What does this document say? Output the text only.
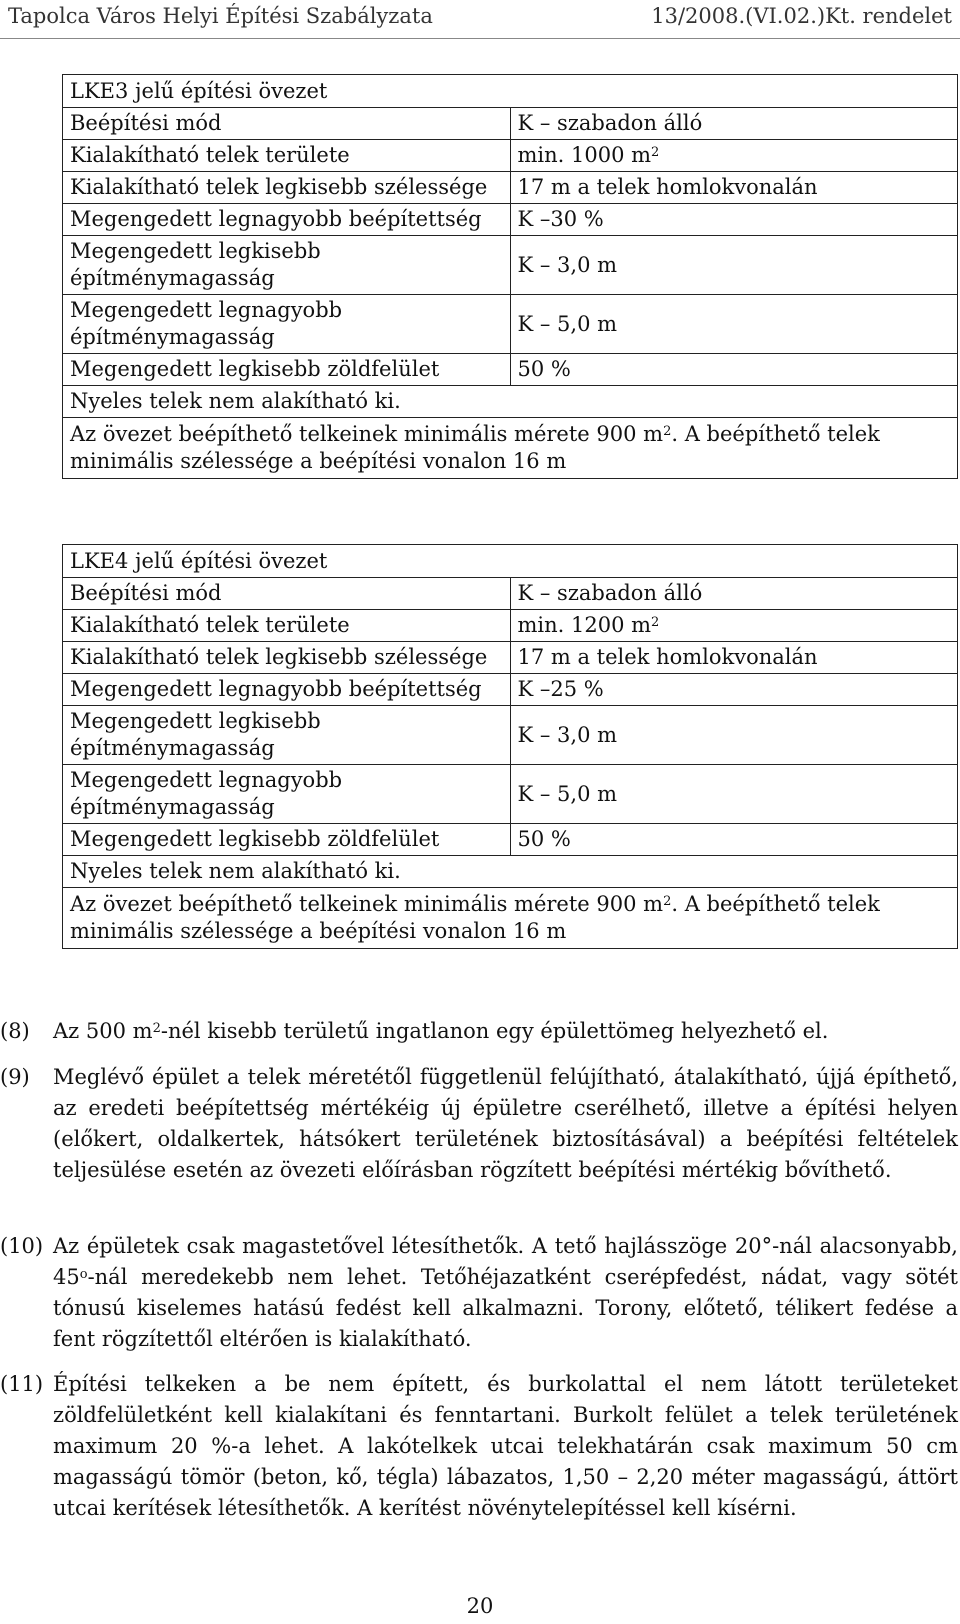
Tapolca Város Helyi Építési Szabályzata	13/2008.(VI.02.)Kt. rendelet
LKE3 jelű építési övezet	
Beépítési mód	K – szabadon álló
Kialakítható telek területe	min. 1000 $m^2$
Kialakítható telek legkisebb szélessége	17 m a telek homlokvonalán
Megengedett legnagyobb beépítettség	K –30 %
Megengedett legkisebb építménymagasság	K – 3,0 m
Megengedett legnagyobb építménymagasság	K – 5,0 m
Megengedett legkisebb zöldfelület	50 %
Nyeles telek nem alakítható ki.	
Az övezet beépíthető telkeinek minimális mérete 900 $m^2$. A beépíthető telek minimális szélessége a beépítési vonalon 16 m	
LKE4 jelű építési övezet	
Beépítési mód	K – szabadon álló
Kialakítható telek területe	min. 1200 $m^2$
Kialakítható telek legkisebb szélessége	17 m a telek homlokvonalán
Megengedett legnagyobb beépítettség	K –25 %
Megengedett legkisebb építménymagasság	K – 3,0 m
Megengedett legnagyobb építménymagasság	K – 5,0 m
Megengedett legkisebb zöldfelület	50 %
Nyeles telek nem alakítható ki.	
Az övezet beépíthető telkeinek minimális mérete 900 $m^2$. A beépíthető telek minimális szélessége a beépítési vonalon 16 m	
(8) Az 500 $m^2$-nél kisebb területű ingatlanon egy épülettömeg helyezhető el.
(9) Meglévő épület a telek méretétől függetlenül felújítható, átalakítható, újjá építhető, az eredeti beépítettség mértékéig új épületre cserélhető, illetve a építési helyen (előkert, oldalkertek, hátsókert területének biztosításával) a beépítési feltételek teljesülése esetén az övezeti előírásban rögzített beépítési mértékig bővíthető.
(10) Az épületek csak magastetővel létesíthetők. A tető hajlásszöge 20°-nál alacsonyabb, 45$^o$-nál meredekebb nem lehet. Tetőhéjazatként cserépfedést, nádat, vagy sötét tónusú kiselemes hatású fedést kell alkalmazni. Torony, előtető, télikert fedése a fent rögzítettől eltérően is kialakítható.
(11) Építési telkeken a be nem épített, és burkolattal el nem látott területeket zöldfelületként kell kialakítani és fenntartani. Burkolt felület a telek területének maximum 20 %-a lehet. A lakótelkek utcai telekhatárán csak maximum 50 cm magasságú tömör (beton, kő, tégla) lábazatos, 1,50 – 2,20 méter magasságú, áttört utcai kerítések létesíthetők. A kerítést növénytelepítéssel kell kísérni.
20
